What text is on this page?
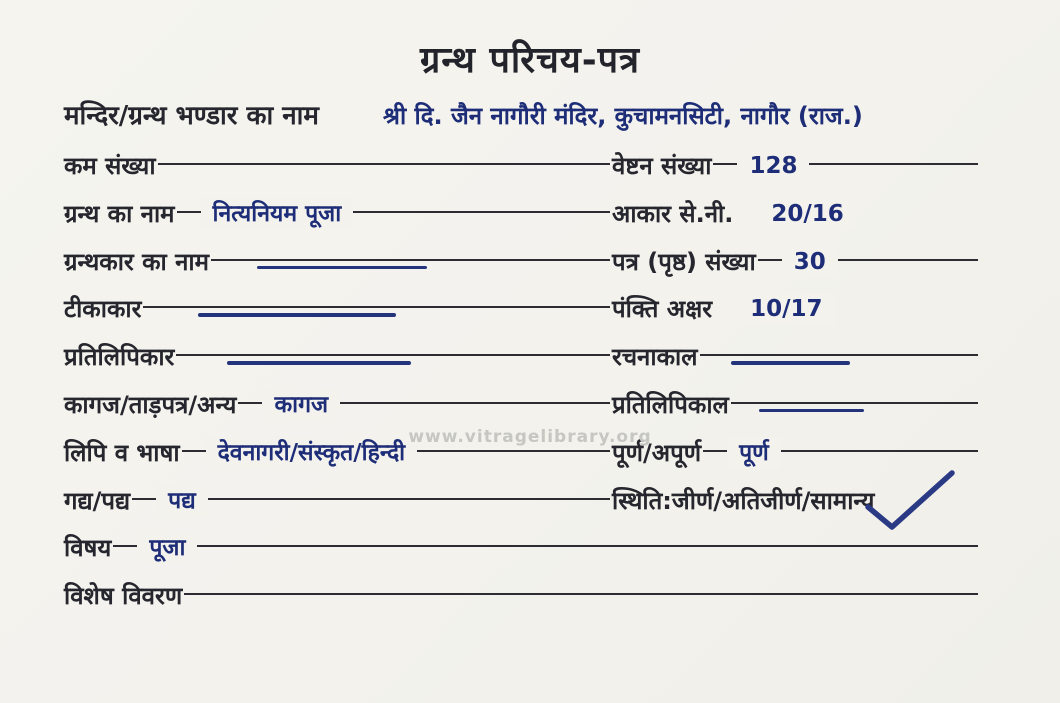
ग्रन्थ परिचय-पत्र
मन्दिर/ग्रन्थ भण्डार का नाम	श्री दि. जैन नागौरी मंदिर, कुचामनसिटी, नागौर (राज.)
कम संख्या	वेष्टन संख्या	128
ग्रन्थ का नाम	नित्यनियम पूजा	आकार से.नी.	20/16
ग्रन्थकार का नाम	पत्र (पृष्ठ) संख्या	30
टीकाकार	पंक्ति अक्षर	10/17
प्रतिलिपिकार	रचनाकाल
कागज/ताड़पत्र/अन्य	कागज	प्रतिलिपिकाल
लिपि व भाषा	देवनागरी/संस्कृत/हिन्दी	पूर्ण/अपूर्ण	पूर्ण
गद्य/पद्य	पद्य	स्थिति:जीर्ण/अतिजीर्ण/सामान्य
विषय	पूजा
विशेष विवरण
www.vitragelibrary.org
